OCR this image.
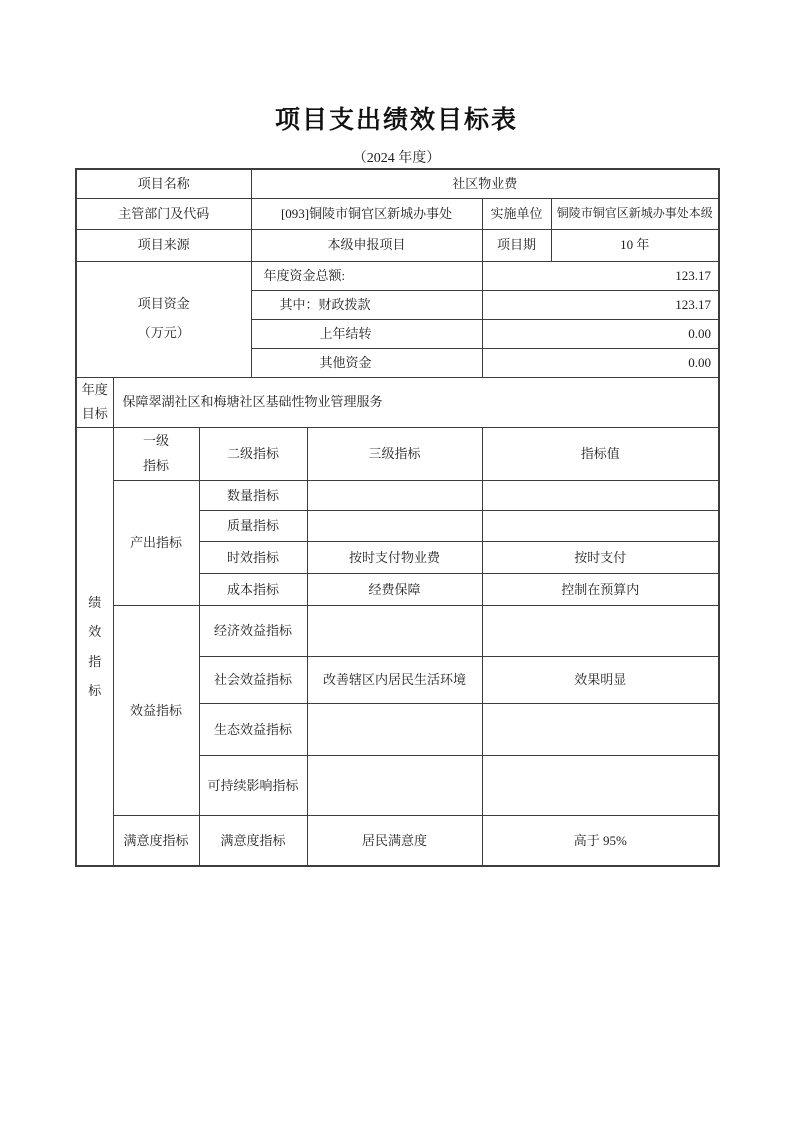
项目支出绩效目标表
（2024 年度）
项目名称			社区物业费			
主管部门及代码			[093]铜陵市铜官区新城办事处		实施单位	铜陵市铜官区新城办事处本级
项目来源			本级申报项目		项目期	10 年

项目资金
（万元）			年度资金总额:		123.17	
			其中：财政拨款		123.17	
			上年结转		0.00	
			其他资金		0.00	

年度目标	保障翠湖社区和梅塘社区基础性物业管理服务					

绩效指标	一级指标	二级指标		三级指标	指标值	
	产出指标	数量指标				
		质量指标				
		时效指标		按时支付物业费	按时支付	
		成本指标		经费保障	控制在预算内	
	效益指标	经济效益指标				
		社会效益指标		改善辖区内居民生活环境	效果明显	
		生态效益指标				
		可持续影响指标				
	满意度指标	满意度指标		居民满意度	高于 95%	
